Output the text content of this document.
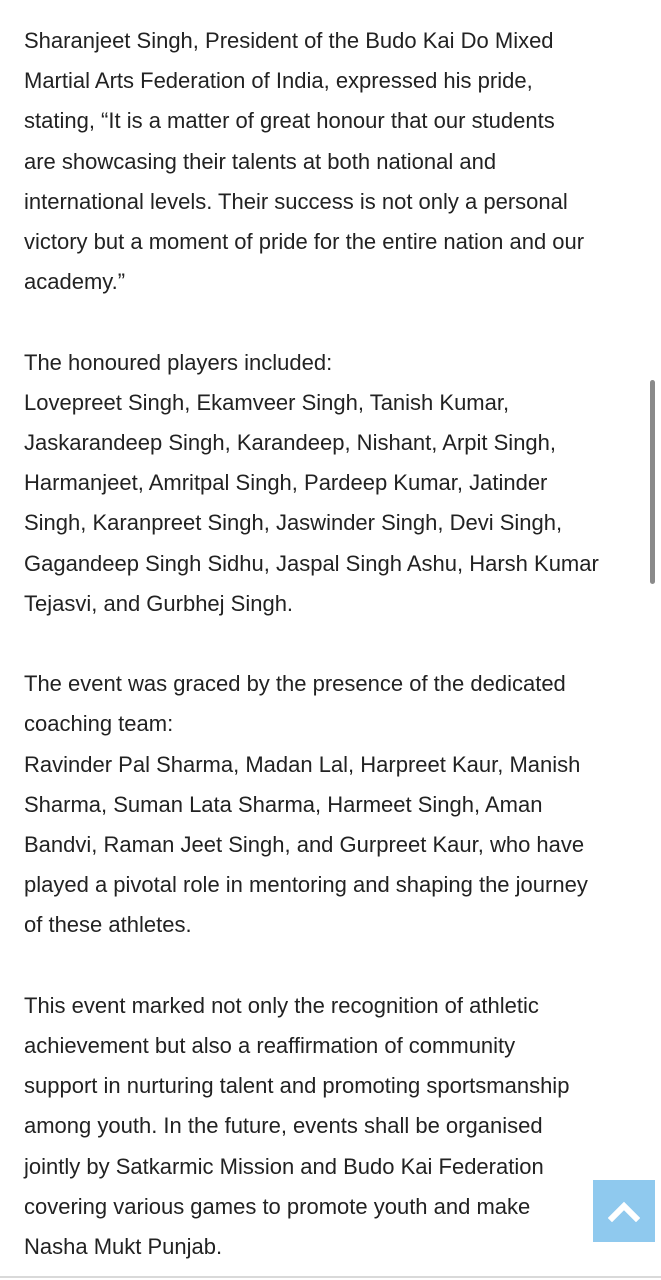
Sharanjeet Singh, President of the Budo Kai Do Mixed
Martial Arts Federation of India, expressed his pride,
stating, “It is a matter of great honour that our students
are showcasing their talents at both national and
international levels. Their success is not only a personal
victory but a moment of pride for the entire nation and our
academy.”

The honoured players included:
Lovepreet Singh, Ekamveer Singh, Tanish Kumar,
Jaskarandeep Singh, Karandeep, Nishant, Arpit Singh,
Harmanjeet, Amritpal Singh, Pardeep Kumar, Jatinder
Singh, Karanpreet Singh, Jaswinder Singh, Devi Singh,
Gagandeep Singh Sidhu, Jaspal Singh Ashu, Harsh Kumar
Tejasvi, and Gurbhej Singh.

The event was graced by the presence of the dedicated
coaching team:
Ravinder Pal Sharma, Madan Lal, Harpreet Kaur, Manish
Sharma, Suman Lata Sharma, Harmeet Singh, Aman
Bandvi, Raman Jeet Singh, and Gurpreet Kaur, who have
played a pivotal role in mentoring and shaping the journey
of these athletes.

This event marked not only the recognition of athletic
achievement but also a reaffirmation of community
support in nurturing talent and promoting sportsmanship
among youth. In the future, events shall be organised
jointly by Satkarmic Mission and Budo Kai Federation
covering various games to promote youth and make
Nasha Mukt Punjab.
